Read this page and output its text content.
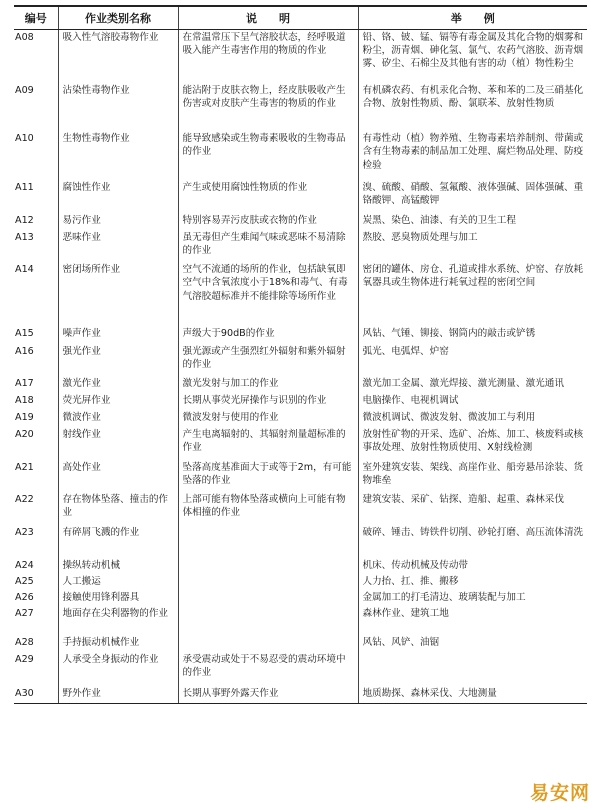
编号	作业类别名称	说　　明	举　　例
A08	吸入性气溶胶毒物作业	在常温常压下呈气溶胶状态，经呼吸道吸入能产生毒害作用的物质的作业	铅、铬、铍、锰、镉等有毒金属及其化合物的烟雾和粉尘，沥青烟、砷化氢、氯气、农药气溶胶、沥青烟雾、矽尘、石棉尘及其他有害的动（植）物性粉尘
A09	沾染性毒物作业	能沾附于皮肤衣物上，经皮肤吸收产生伤害或对皮肤产生毒害的物质的作业	有机磷农药、有机汞化合物、苯和苯的二及三硝基化合物、放射性物质、酚、氯联苯、放射性物质
A10	生物性毒物作业	能导致感染或生物毒素吸收的生物毒品的作业	有毒性动（植）物养殖、生物毒素培养制剂、带菌或含有生物毒素的制品加工处理、腐烂物品处理、防疫检验
A11	腐蚀性作业	产生或使用腐蚀性物质的作业	溴、硫酸、硝酸、氢氟酸、液体强碱、固体强碱、重铬酸钾、高锰酸钾
A12	易污作业	特别容易弄污皮肤或衣物的作业	炭黑、染色、油漆、有关的卫生工程
A13	恶味作业	虽无毒但产生难闻气味或恶味不易清除的作业	熬胶、恶臭物质处理与加工
A14	密闭场所作业	空气不流通的场所的作业，包括缺氧即空气中含氧浓度小于18%和毒气、有毒气溶胶超标准并不能排除等场所作业	密闭的罐体、房仓、孔道或排水系统、炉窑、存放耗氧器具或生物体进行耗氧过程的密闭空间
A15	噪声作业	声级大于90dB的作业	风钻、气锤、铆接、钢筒内的敲击或铲锈
A16	强光作业	强光源或产生强烈红外辐射和紫外辐射的作业	弧光、电弧焊、炉窑
A17	激光作业	激光发射与加工的作业	激光加工金属、激光焊接、激光测量、激光通讯
A18	荧光屏作业	长期从事荧光屏操作与识别的作业	电脑操作、电视机调试
A19	微波作业	微波发射与使用的作业	微波机调试、微波发射、微波加工与利用
A20	射线作业	产生电离辐射的、其辐射剂量超标准的作业	放射性矿物的开采、选矿、冶炼、加工、核废料或核事故处理、放射性物质使用、X射线检测
A21	高处作业	坠落高度基准面大于或等于2m，有可能坠落的作业	室外建筑安装、架线、高崖作业、船旁悬吊涂装、货物堆垒
A22	存在物体坠落、撞击的作业	上部可能有物体坠落或横向上可能有物体相撞的作业	建筑安装、采矿、钻探、造船、起重、森林采伐
A23	有碎屑飞溅的作业		破碎、锤击、铸铁件切削、砂轮打磨、高压流体清洗
A24	操纵转动机械		机床、传动机械及传动带
A25	人工搬运		人力抬、扛、推、搬移
A26	接触使用锋利器具		金属加工的打毛清边、玻璃装配与加工
A27	地面存在尖利器物的作业		森林作业、建筑工地
A28	手持振动机械作业		风钻、风铲、油锯
A29	人承受全身振动的作业	承受震动或处于不易忍受的震动环境中的作业	
A30	野外作业	长期从事野外露天作业	地质勘探、森林采伐、大地测量
易安网
